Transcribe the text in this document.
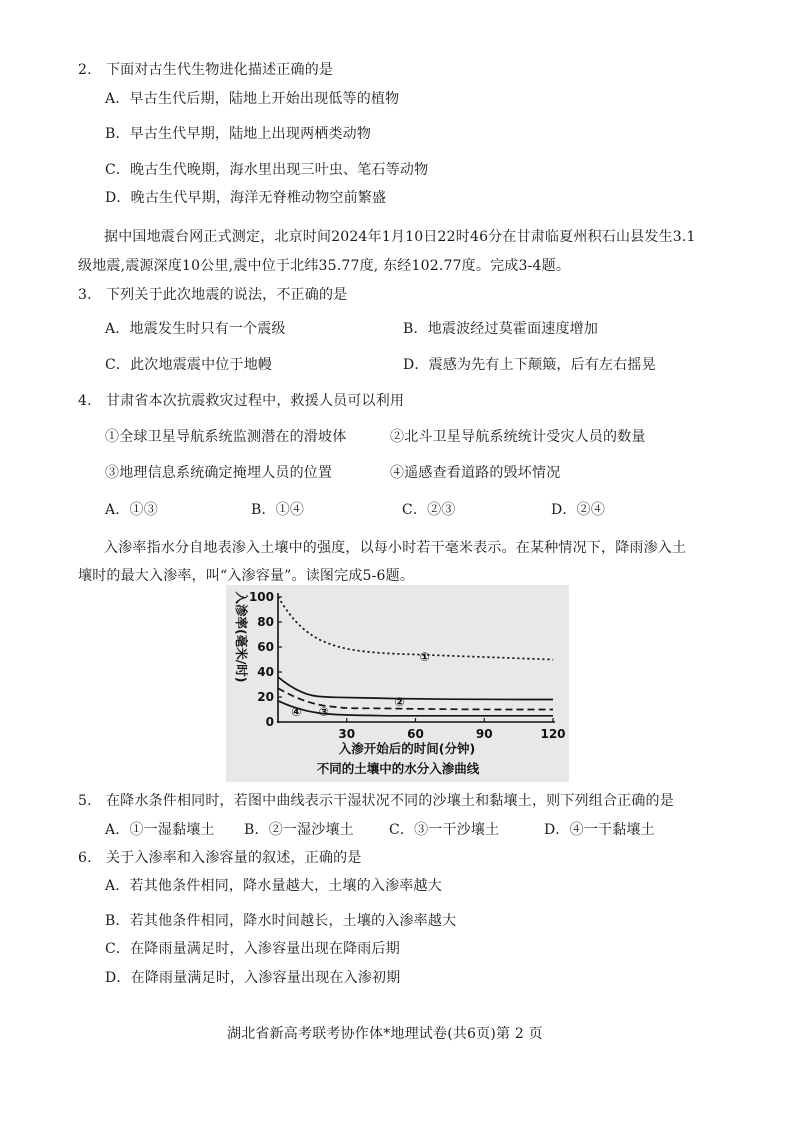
2.　下面对古生代生物进化描述正确的是
A．早古生代后期，陆地上开始出现低等的植物
B．早古生代早期，陆地上出现两栖类动物
C．晚古生代晚期，海水里出现三叶虫、笔石等动物
D．晚古生代早期，海洋无脊椎动物空前繁盛
据中国地震台网正式测定，北京时间2024年1月10日22时46分在甘肃临夏州积石山县发生3.1
级地震,震源深度10公里,震中位于北纬35.77度, 东经102.77度。完成3-4题。
3.　下列关于此次地震的说法，不正确的是
A．地震发生时只有一个震级	B．地震波经过莫霍面速度增加
C．此次地震震中位于地幔	D．震感为先有上下颠簸，后有左右摇晃
4.　甘肃省本次抗震救灾过程中，救援人员可以利用
①全球卫星导航系统监测潜在的滑坡体	②北斗卫星导航系统统计受灾人员的数量
③地理信息系统确定掩埋人员的位置	④遥感查看道路的毁坏情况
A．①③	B．①④	C．②③	D．②④
入渗率指水分自地表渗入土壤中的强度，以每小时若干毫米表示。在某种情况下，降雨渗入土
壤时的最大入渗率，叫“入渗容量”。读图完成5-6题。
0
20
40
60
80
100
30	60	90	120
①
②
③
④
入渗开始后的时间(分钟)
不同的土壤中的水分入渗曲线
入渗率(毫米/时)
5.　在降水条件相同时，若图中曲线表示干湿状况不同的沙壤土和黏壤土，则下列组合正确的是
A．①一湿黏壤土 B．②一湿沙壤土	C．③一干沙壤土	D．④一干黏壤土
6.　关于入渗率和入渗容量的叙述，正确的是
A．若其他条件相同，降水量越大，土壤的入渗率越大
B．若其他条件相同，降水时间越长，土壤的入渗率越大
C．在降雨量满足时，入渗容量出现在降雨后期
D．在降雨量满足时，入渗容量出现在入渗初期
湖北省新高考联考协作体*地理试卷(共6页)第 2 页
